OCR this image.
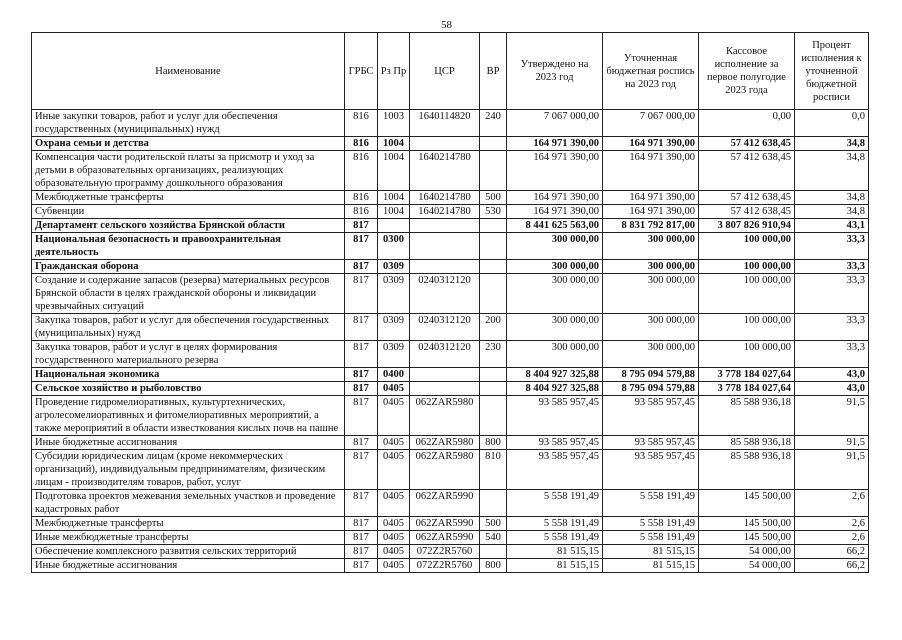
58
Наименование	ГРБС	Рз Пр	ЦСР	ВР	Утверждено на 2023 год	Уточненная бюджетная роспись на 2023 год	Кассовое исполнение за первое полугодие 2023 года	Процент исполнения к уточненной бюджетной росписи
Иные закупки товаров, работ и услуг для обеспечения государственных (муниципальных) нужд	816	1003	1640114820	240	7 067 000,00	7 067 000,00	0,00	0,0
Охрана семьи и детства	816	1004			164 971 390,00	164 971 390,00	57 412 638,45	34,8
Компенсация части родительской платы за присмотр и уход за детьми в образовательных организациях, реализующих образовательную программу дошкольного образования	816	1004	1640214780		164 971 390,00	164 971 390,00	57 412 638,45	34,8
Межбюджетные трансферты	816	1004	1640214780	500	164 971 390,00	164 971 390,00	57 412 638,45	34,8
Субвенции	816	1004	1640214780	530	164 971 390,00	164 971 390,00	57 412 638,45	34,8
Департамент сельского хозяйства Брянской области	817				8 441 625 563,00	8 831 792 817,00	3 807 826 910,94	43,1
Национальная безопасность и правоохранительная деятельность	817	0300			300 000,00	300 000,00	100 000,00	33,3
Гражданская оборона	817	0309			300 000,00	300 000,00	100 000,00	33,3
Создание и содержание запасов (резерва) материальных ресурсов Брянской области в целях гражданской обороны и ликвидации чрезвычайных ситуаций	817	0309	0240312120		300 000,00	300 000,00	100 000,00	33,3
Закупка товаров, работ и услуг для обеспечения государственных (муниципальных) нужд	817	0309	0240312120	200	300 000,00	300 000,00	100 000,00	33,3
Закупка товаров, работ и услуг в целях формирования государственного материального резерва	817	0309	0240312120	230	300 000,00	300 000,00	100 000,00	33,3
Национальная экономика	817	0400			8 404 927 325,88	8 795 094 579,88	3 778 184 027,64	43,0
Сельское хозяйство и рыболовство	817	0405			8 404 927 325,88	8 795 094 579,88	3 778 184 027,64	43,0
Проведение гидромелиоративных, культуртехнических, агролесомелиоративных и фитомелиоративных мероприятий, а также мероприятий в области известкования кислых почв на пашне	817	0405	062ZAR5980		93 585 957,45	93 585 957,45	85 588 936,18	91,5
Иные бюджетные ассигнования	817	0405	062ZAR5980	800	93 585 957,45	93 585 957,45	85 588 936,18	91,5
Субсидии юридическим лицам (кроме некоммерческих организаций), индивидуальным предпринимателям, физическим лицам - производителям товаров, работ, услуг	817	0405	062ZAR5980	810	93 585 957,45	93 585 957,45	85 588 936,18	91,5
Подготовка проектов межевания земельных участков и проведение кадастровых работ	817	0405	062ZAR5990		5 558 191,49	5 558 191,49	145 500,00	2,6
Межбюджетные трансферты	817	0405	062ZAR5990	500	5 558 191,49	5 558 191,49	145 500,00	2,6
Иные межбюджетные трансферты	817	0405	062ZAR5990	540	5 558 191,49	5 558 191,49	145 500,00	2,6
Обеспечение комплексного развития сельских территорий	817	0405	072Z2R5760		81 515,15	81 515,15	54 000,00	66,2
Иные бюджетные ассигнования	817	0405	072Z2R5760	800	81 515,15	81 515,15	54 000,00	66,2
